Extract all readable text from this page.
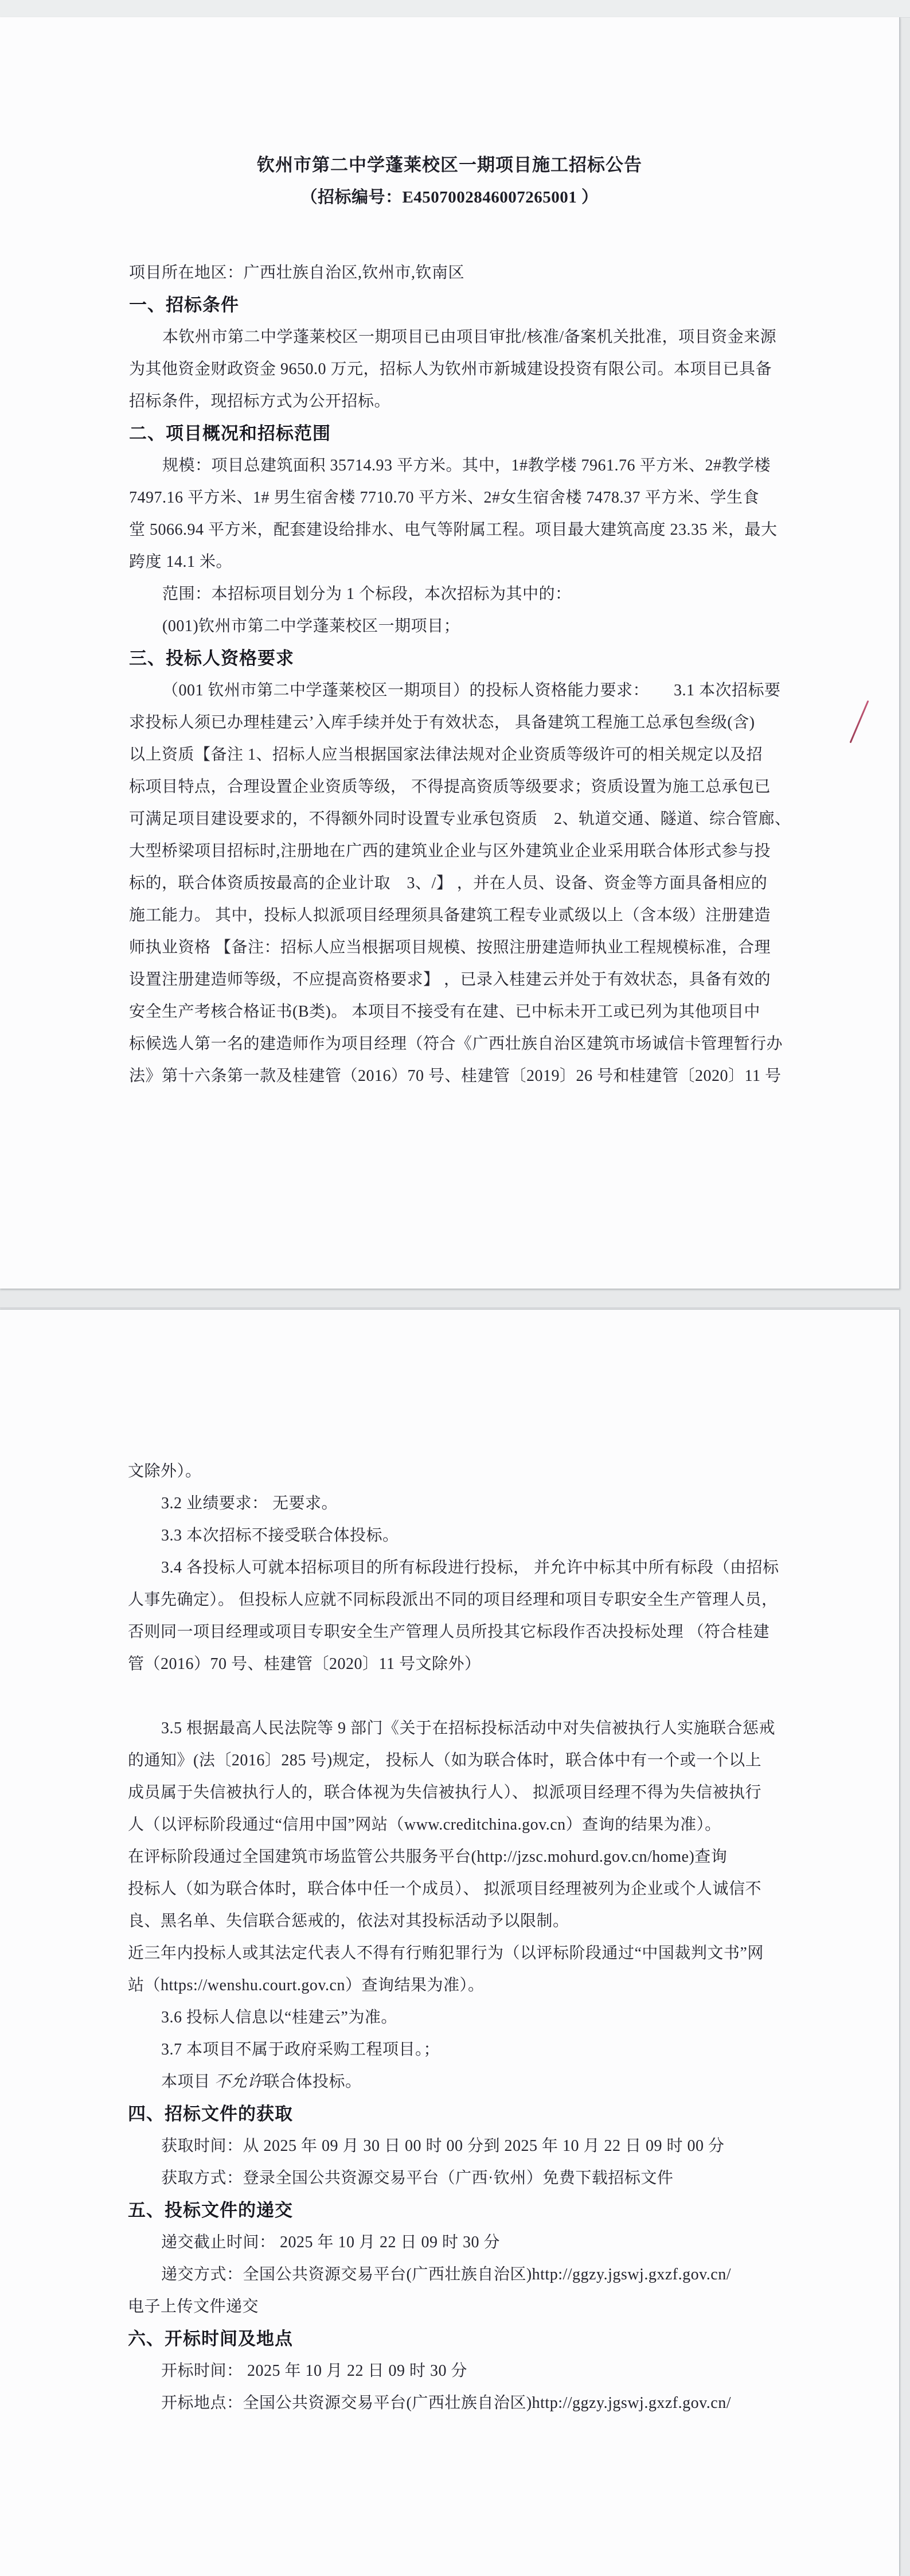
钦州市第二中学蓬莱校区一期项目施工招标公告
（招标编号：E4507002846007265001 ）

项目所在地区：广西壮族自治区,钦州市,钦南区
一、招标条件
本钦州市第二中学蓬莱校区一期项目已由项目审批/核准/备案机关批准，项目资金来源
为其他资金财政资金 9650.0 万元，招标人为钦州市新城建设投资有限公司。本项目已具备
招标条件，现招标方式为公开招标。
二、项目概况和招标范围
规模：项目总建筑面积 35714.93 平方米。其中，1#教学楼 7961.76 平方米、2#教学楼
7497.16 平方米、1# 男生宿舍楼 7710.70 平方米、2#女生宿舍楼 7478.37 平方米、学生食
堂 5066.94 平方米，配套建设给排水、电气等附属工程。项目最大建筑高度 23.35 米，最大
跨度 14.1 米。
范围：本招标项目划分为 1 个标段，本次招标为其中的：
(001)钦州市第二中学蓬莱校区一期项目；
三、投标人资格要求
（001 钦州市第二中学蓬莱校区一期项目）的投标人资格能力要求：　　3.1 本次招标要
求投标人须已办理桂建云’入库手续并处于有效状态， 具备建筑工程施工总承包叁级(含)
以上资质【备注 1、招标人应当根据国家法律法规对企业资质等级许可的相关规定以及招
标项目特点，合理设置企业资质等级， 不得提高资质等级要求；资质设置为施工总承包已
可满足项目建设要求的，不得额外同时设置专业承包资质　2、轨道交通、隧道、综合管廊、
大型桥梁项目招标时,注册地在广西的建筑业企业与区外建筑业企业采用联合体形式参与投
标的，联合体资质按最高的企业计取　3、/】 ，并在人员、设备、资金等方面具备相应的
施工能力。 其中，投标人拟派项目经理须具备建筑工程专业贰级以上（含本级）注册建造
师执业资格 【备注：招标人应当根据项目规模、按照注册建造师执业工程规模标准，合理
设置注册建造师等级，不应提高资格要求】 ，已录入桂建云并处于有效状态，具备有效的
安全生产考核合格证书(B类)。 本项目不接受有在建、已中标未开工或已列为其他项目中
标候选人第一名的建造师作为项目经理（符合《广西壮族自治区建筑市场诚信卡管理暂行办
法》第十六条第一款及桂建管（2016）70 号、桂建管〔2019〕26 号和桂建管〔2020〕11 号
文除外）。
3.2 业绩要求： 无要求。
3.3 本次招标不接受联合体投标。
3.4 各投标人可就本招标项目的所有标段进行投标， 并允许中标其中所有标段（由招标
人事先确定）。 但投标人应就不同标段派出不同的项目经理和项目专职安全生产管理人员，
否则同一项目经理或项目专职安全生产管理人员所投其它标段作否决投标处理 （符合桂建
管（2016）70 号、桂建管〔2020〕11 号文除外）

3.5 根据最高人民法院等 9 部门《关于在招标投标活动中对失信被执行人实施联合惩戒
的通知》(法〔2016〕285 号)规定， 投标人（如为联合体时，联合体中有一个或一个以上
成员属于失信被执行人的，联合体视为失信被执行人）、 拟派项目经理不得为失信被执行
人（以评标阶段通过“信用中国”网站（www.creditchina.gov.cn）查询的结果为准）。
在评标阶段通过全国建筑市场监管公共服务平台(http://jzsc.mohurd.gov.cn/home)查询
投标人（如为联合体时，联合体中任一个成员）、 拟派项目经理被列为企业或个人诚信不
良、黑名单、失信联合惩戒的，依法对其投标活动予以限制。
近三年内投标人或其法定代表人不得有行贿犯罪行为（以评标阶段通过“中国裁判文书”网
站（https://wenshu.court.gov.cn）查询结果为准）。
3.6 投标人信息以“桂建云”为准。
3.7 本项目不属于政府采购工程项目。；
本项目 不允许联合体投标。
四、招标文件的获取
获取时间：从 2025 年 09 月 30 日 00 时 00 分到 2025 年 10 月 22 日 09 时 00 分
获取方式：登录全国公共资源交易平台（广西·钦州）免费下载招标文件
五、投标文件的递交
递交截止时间： 2025 年 10 月 22 日 09 时 30 分
递交方式：全国公共资源交易平台(广西壮族自治区)http://ggzy.jgswj.gxzf.gov.cn/
电子上传文件递交
六、开标时间及地点
开标时间： 2025 年 10 月 22 日 09 时 30 分
开标地点：全国公共资源交易平台(广西壮族自治区)http://ggzy.jgswj.gxzf.gov.cn/
